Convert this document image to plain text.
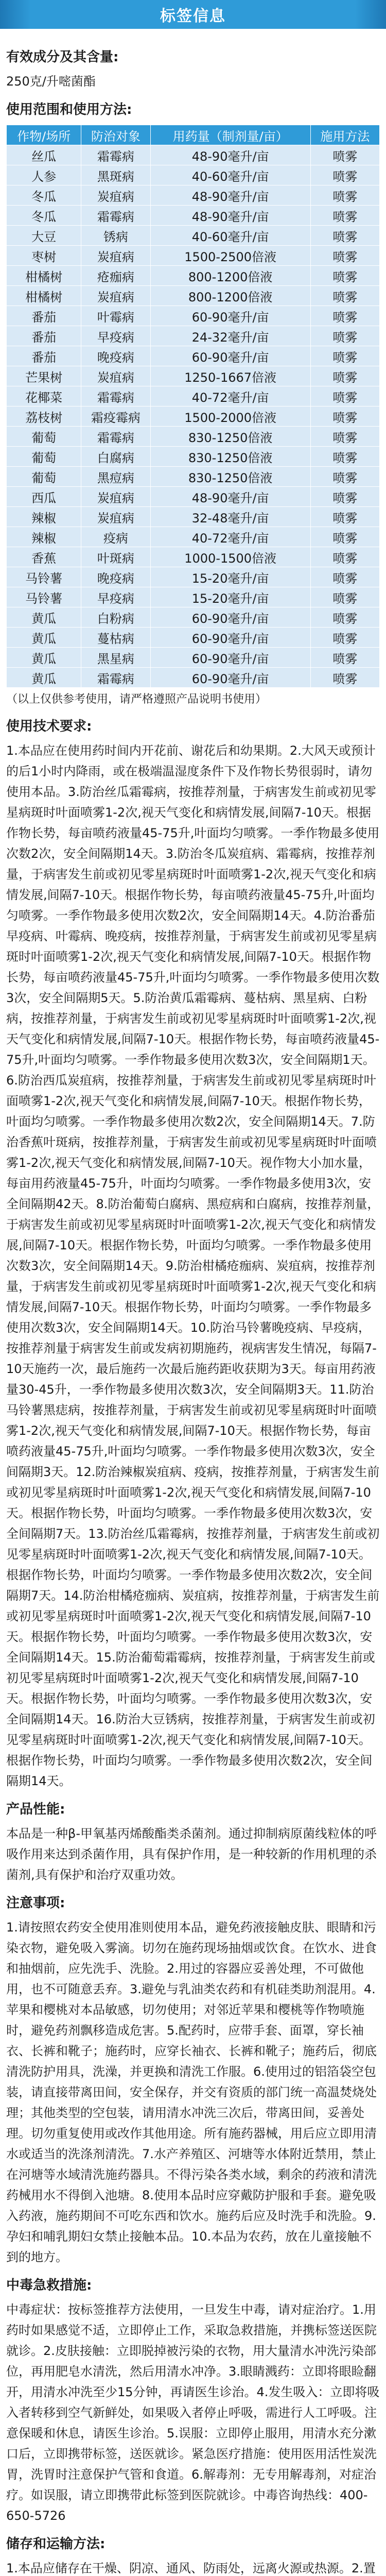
标签信息
有效成分及其含量:

250克/升嘧菌酯

使用范围和使用方法:
作物/场所	防治对象	用药量（制剂量/亩）	施用方法
丝瓜	霜霉病	48-90毫升/亩	喷雾
人参	黑斑病	40-60毫升/亩	喷雾
冬瓜	炭疽病	48-90毫升/亩	喷雾
冬瓜	霜霉病	48-90毫升/亩	喷雾
大豆	锈病	40-60毫升/亩	喷雾
枣树	炭疽病	1500-2500倍液	喷雾
柑橘树	疮痂病	800-1200倍液	喷雾
柑橘树	炭疽病	800-1200倍液	喷雾
番茄	叶霉病	60-90毫升/亩	喷雾
番茄	早疫病	24-32毫升/亩	喷雾
番茄	晚疫病	60-90毫升/亩	喷雾
芒果树	炭疽病	1250-1667倍液	喷雾
花椰菜	霜霉病	40-72毫升/亩	喷雾
荔枝树	霜疫霉病	1500-2000倍液	喷雾
葡萄	霜霉病	830-1250倍液	喷雾
葡萄	白腐病	830-1250倍液	喷雾
葡萄	黑痘病	830-1250倍液	喷雾
西瓜	炭疽病	48-90毫升/亩	喷雾
辣椒	炭疽病	32-48毫升/亩	喷雾
辣椒	疫病	40-72毫升/亩	喷雾
香蕉	叶斑病	1000-1500倍液	喷雾
马铃薯	晚疫病	15-20毫升/亩	喷雾
马铃薯	早疫病	15-20毫升/亩	喷雾
黄瓜	白粉病	60-90毫升/亩	喷雾
黄瓜	蔓枯病	60-90毫升/亩	喷雾
黄瓜	黑星病	60-90毫升/亩	喷雾
黄瓜	霜霉病	60-90毫升/亩	喷雾

（以上仅供参考使用，请严格遵照产品说明书使用）

使用技术要求:

1.本品应在使用药时间内开花前、谢花后和幼果期。2.大风天或预计的后1小时内降雨，或在极端温湿度条件下及作物长势很弱时，请勿使用本品。3.防治丝瓜霜霉病，按推荐剂量，于病害发生前或初见零星病斑时叶面喷雾1-2次,视天气变化和病情发展,间隔7-10天。根据作物长势，每亩喷药液量45-75升,叶面均匀喷雾。一季作物最多使用次数2次，安全间隔期14天。3.防治冬瓜炭疽病、霜霉病，按推荐剂量，于病害发生前或初见零星病斑时叶面喷雾1-2次,视天气变化和病情发展,间隔7-10天。根据作物长势，每亩喷药液量45-75升,叶面均匀喷雾。一季作物最多使用次数2次，安全间隔期14天。4.防治番茄早疫病、叶霉病、晚疫病，按推荐剂量，于病害发生前或初见零星病斑时叶面喷雾1-2次,视天气变化和病情发展,间隔7-10天。根据作物长势，每亩喷药液量45-75升,叶面均匀喷雾。一季作物最多使用次数3次，安全间隔期5天。5.防治黄瓜霜霉病、蔓枯病、黑星病、白粉病，按推荐剂量，于病害发生前或初见零星病斑时叶面喷雾1-2次,视天气变化和病情发展,间隔7-10天。根据作物长势，每亩喷药液量45-75升,叶面均匀喷雾。一季作物最多使用次数3次，安全间隔期1天。6.防治西瓜炭疽病，按推荐剂量，于病害发生前或初见零星病斑时叶面喷雾1-2次,视天气变化和病情发展,间隔7-10天。根据作物长势，叶面均匀喷雾。一季作物最多使用次数2次，安全间隔期14天。7.防治香蕉叶斑病，按推荐剂量，于病害发生前或初见零星病斑时叶面喷雾1-2次,视天气变化和病情发展,间隔7-10天。视作物大小加水量，每亩用药液量45-75升，叶面均匀喷雾。一季作物最多使用3次，安全间隔期42天。8.防治葡萄白腐病、黑痘病和白腐病，按推荐剂量，于病害发生前或初见零星病斑时叶面喷雾1-2次,视天气变化和病情发展,间隔7-10天。根据作物长势，叶面均匀喷雾。一季作物最多使用次数3次，安全间隔期14天。9.防治柑橘疮痂病、炭疽病，按推荐剂量，于病害发生前或初见零星病斑时叶面喷雾1-2次,视天气变化和病情发展,间隔7-10天。根据作物长势，叶面均匀喷雾。一季作物最多使用次数3次，安全间隔期14天。10.防治马铃薯晚疫病、早疫病，按推荐剂量于病害发生前或发病初期施药，视病害发生情况，每隔7-10天施药一次，最后施药一次最后施药距收获期为3天。每亩用药液量30-45升，一季作物最多使用次数3次，安全间隔期3天。11.防治马铃薯黑痣病，按推荐剂量，于病害发生前或初见零星病斑时叶面喷雾1-2次,视天气变化和病情发展,间隔7-10天。根据作物长势，每亩喷药液量45-75升,叶面均匀喷雾。一季作物最多使用次数3次，安全间隔期3天。12.防治辣椒炭疽病、疫病，按推荐剂量，于病害发生前或初见零星病斑时叶面喷雾1-2次,视天气变化和病情发展,间隔7-10天。根据作物长势，叶面均匀喷雾。一季作物最多使用次数3次，安全间隔期7天。13.防治丝瓜霜霉病，按推荐剂量，于病害发生前或初见零星病斑时叶面喷雾1-2次,视天气变化和病情发展,间隔7-10天。根据作物长势，叶面均匀喷雾。一季作物最多使用次数2次，安全间隔期7天。14.防治柑橘疮痂病、炭疽病，按推荐剂量，于病害发生前或初见零星病斑时叶面喷雾1-2次,视天气变化和病情发展,间隔7-10天。根据作物长势，叶面均匀喷雾。一季作物最多使用次数3次，安全间隔期14天。15.防治葡萄霜霉病，按推荐剂量，于病害发生前或初见零星病斑时叶面喷雾1-2次,视天气变化和病情发展,间隔7-10天。根据作物长势，叶面均匀喷雾。一季作物最多使用次数3次，安全间隔期14天。16.防治大豆锈病，按推荐剂量，于病害发生前或初见零星病斑时叶面喷雾1-2次,视天气变化和病情发展,间隔7-10天。根据作物长势，叶面均匀喷雾。一季作物最多使用次数2次，安全间隔期14天。

产品性能:

本品是一种β-甲氧基丙烯酸酯类杀菌剂。通过抑制病原菌线粒体的呼吸作用来达到杀菌作用，具有保护作用，是一种较新的作用机理的杀菌剂,具有保护和治疗双重功效。

注意事项:

1.请按照农药安全使用准则使用本品，避免药液接触皮肤、眼睛和污染衣物，避免吸入雾滴。切勿在施药现场抽烟或饮食。在饮水、进食和抽烟前，应先洗手、洗脸。2.用过的容器应妥善处理，不可做他用，也不可随意丢弃。3.避免与乳油类农药和有机硅类助剂混用。4.苹果和樱桃对本品敏感，切勿使用；对邻近苹果和樱桃等作物喷施时，避免药剂飘移造成危害。5.配药时，应带手套、面罩，穿长袖衣、长裤和靴子；施药时，应穿长袖衣、长裤和靴子；施药后，彻底清洗防护用具，洗澡，并更换和清洗工作服。6.使用过的铝箔袋空包装，请直接带离田间，安全保存，并交有资质的部门统一高温焚烧处理；其他类型的空包装，请用清水冲洗三次后，带离田间，妥善处理。切勿重复使用或改作其他用途。所有施药器械，用后应立即用清水或适当的洗涤剂清洗。7.水产养殖区、河塘等水体附近禁用，禁止在河塘等水域清洗施药器具。不得污染各类水域，剩余的药液和清洗药械用水不得倒入池塘。8.使用本品时应穿戴防护服和手套。避免吸入药液，施药期间不可吃东西和饮水。施药后应及时洗手和洗脸。9.孕妇和哺乳期妇女禁止接触本品。10.本品为农药，放在儿童接触不到的地方。

中毒急救措施:

中毒症状：按标签推荐方法使用，一旦发生中毒，请对症治疗。1.用药时如果感觉不适，立即停止工作，采取急救措施，并携标签送医院就诊。2.皮肤接触：立即脱掉被污染的衣物，用大量清水冲洗污染部位，再用肥皂水清洗，然后用清水冲净。3.眼睛溅药：立即将眼睑翻开，用清水冲洗至少15分钟，再请医生诊治。4.发生吸入：立即将吸入者转移到空气新鲜处，如果吸入者停止呼吸，需进行人工呼吸。注意保暖和休息，请医生诊治。5.误服：立即停止服用，用清水充分漱口后，立即携带标签，送医就诊。紧急医疗措施：使用医用活性炭洗胃，洗胃时注意保护气管和食道。6.解毒剂：无专用解毒剂，对症治疗。如误服，请立即携带此标签到医院就诊。中毒咨询热线：400-650-5726

储存和运输方法:

1.本品应储存在干燥、阴凉、通风、防雨处，远离火源或热源。2.置
